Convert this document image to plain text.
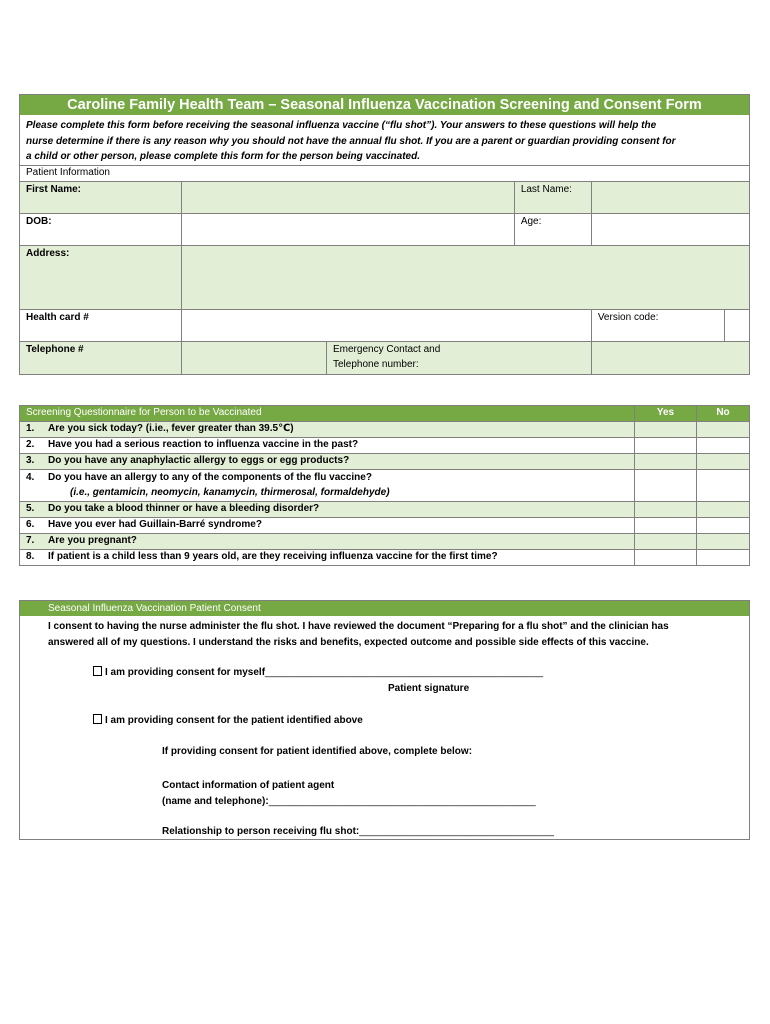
Caroline Family Health Team – Seasonal Influenza Vaccination Screening and Consent Form
Please complete this form before receiving the seasonal influenza vaccine (“flu shot”). Your answers to these questions will help the
nurse determine if there is any reason why you should not have the annual flu shot. If you are a parent or guardian providing consent for
a child or other person, please complete this form for the person being vaccinated.
Patient Information					
First Name:			Last Name:		
DOB:			Age:		
Address:					
Health card #				Version code:	
Telephone #		Emergency Contact and
Telephone number:			

Screening Questionnaire for Person to be Vaccinated	Yes	No
1. Are you sick today? (i.ie., fever greater than 39.5℃)		
2. Have you had a serious reaction to influenza vaccine in the past?		
3. Do you have any anaphylactic allergy to eggs or egg products?		
4. Do you have an allergy to any of the components of the flu vaccine?
(i.e., gentamicin, neomycin, kanamycin, thirmerosal, formaldehyde)		

5. Do you take a blood thinner or have a bleeding disorder?		
6. Have you ever had Guillain-Barré syndrome?		
7. Are you pregnant?		
8. If patient is a child less than 9 years old, are they receiving influenza vaccine for the first time?		
Seasonal Influenza Vaccination Patient Consent
I consent to having the nurse administer the flu shot. I have reviewed the document “Preparing for a flu shot” and the clinician has
answered all of my questions. I understand the risks and benefits, expected outcome and possible side effects of this vaccine.
I am providing consent for myself__________________________________________________
Patient signature
I am providing consent for the patient identified above
If providing consent for patient identified above, complete below:
Contact information of patient agent
(name and telephone):________________________________________________
Relationship to person receiving flu shot:___________________________________
